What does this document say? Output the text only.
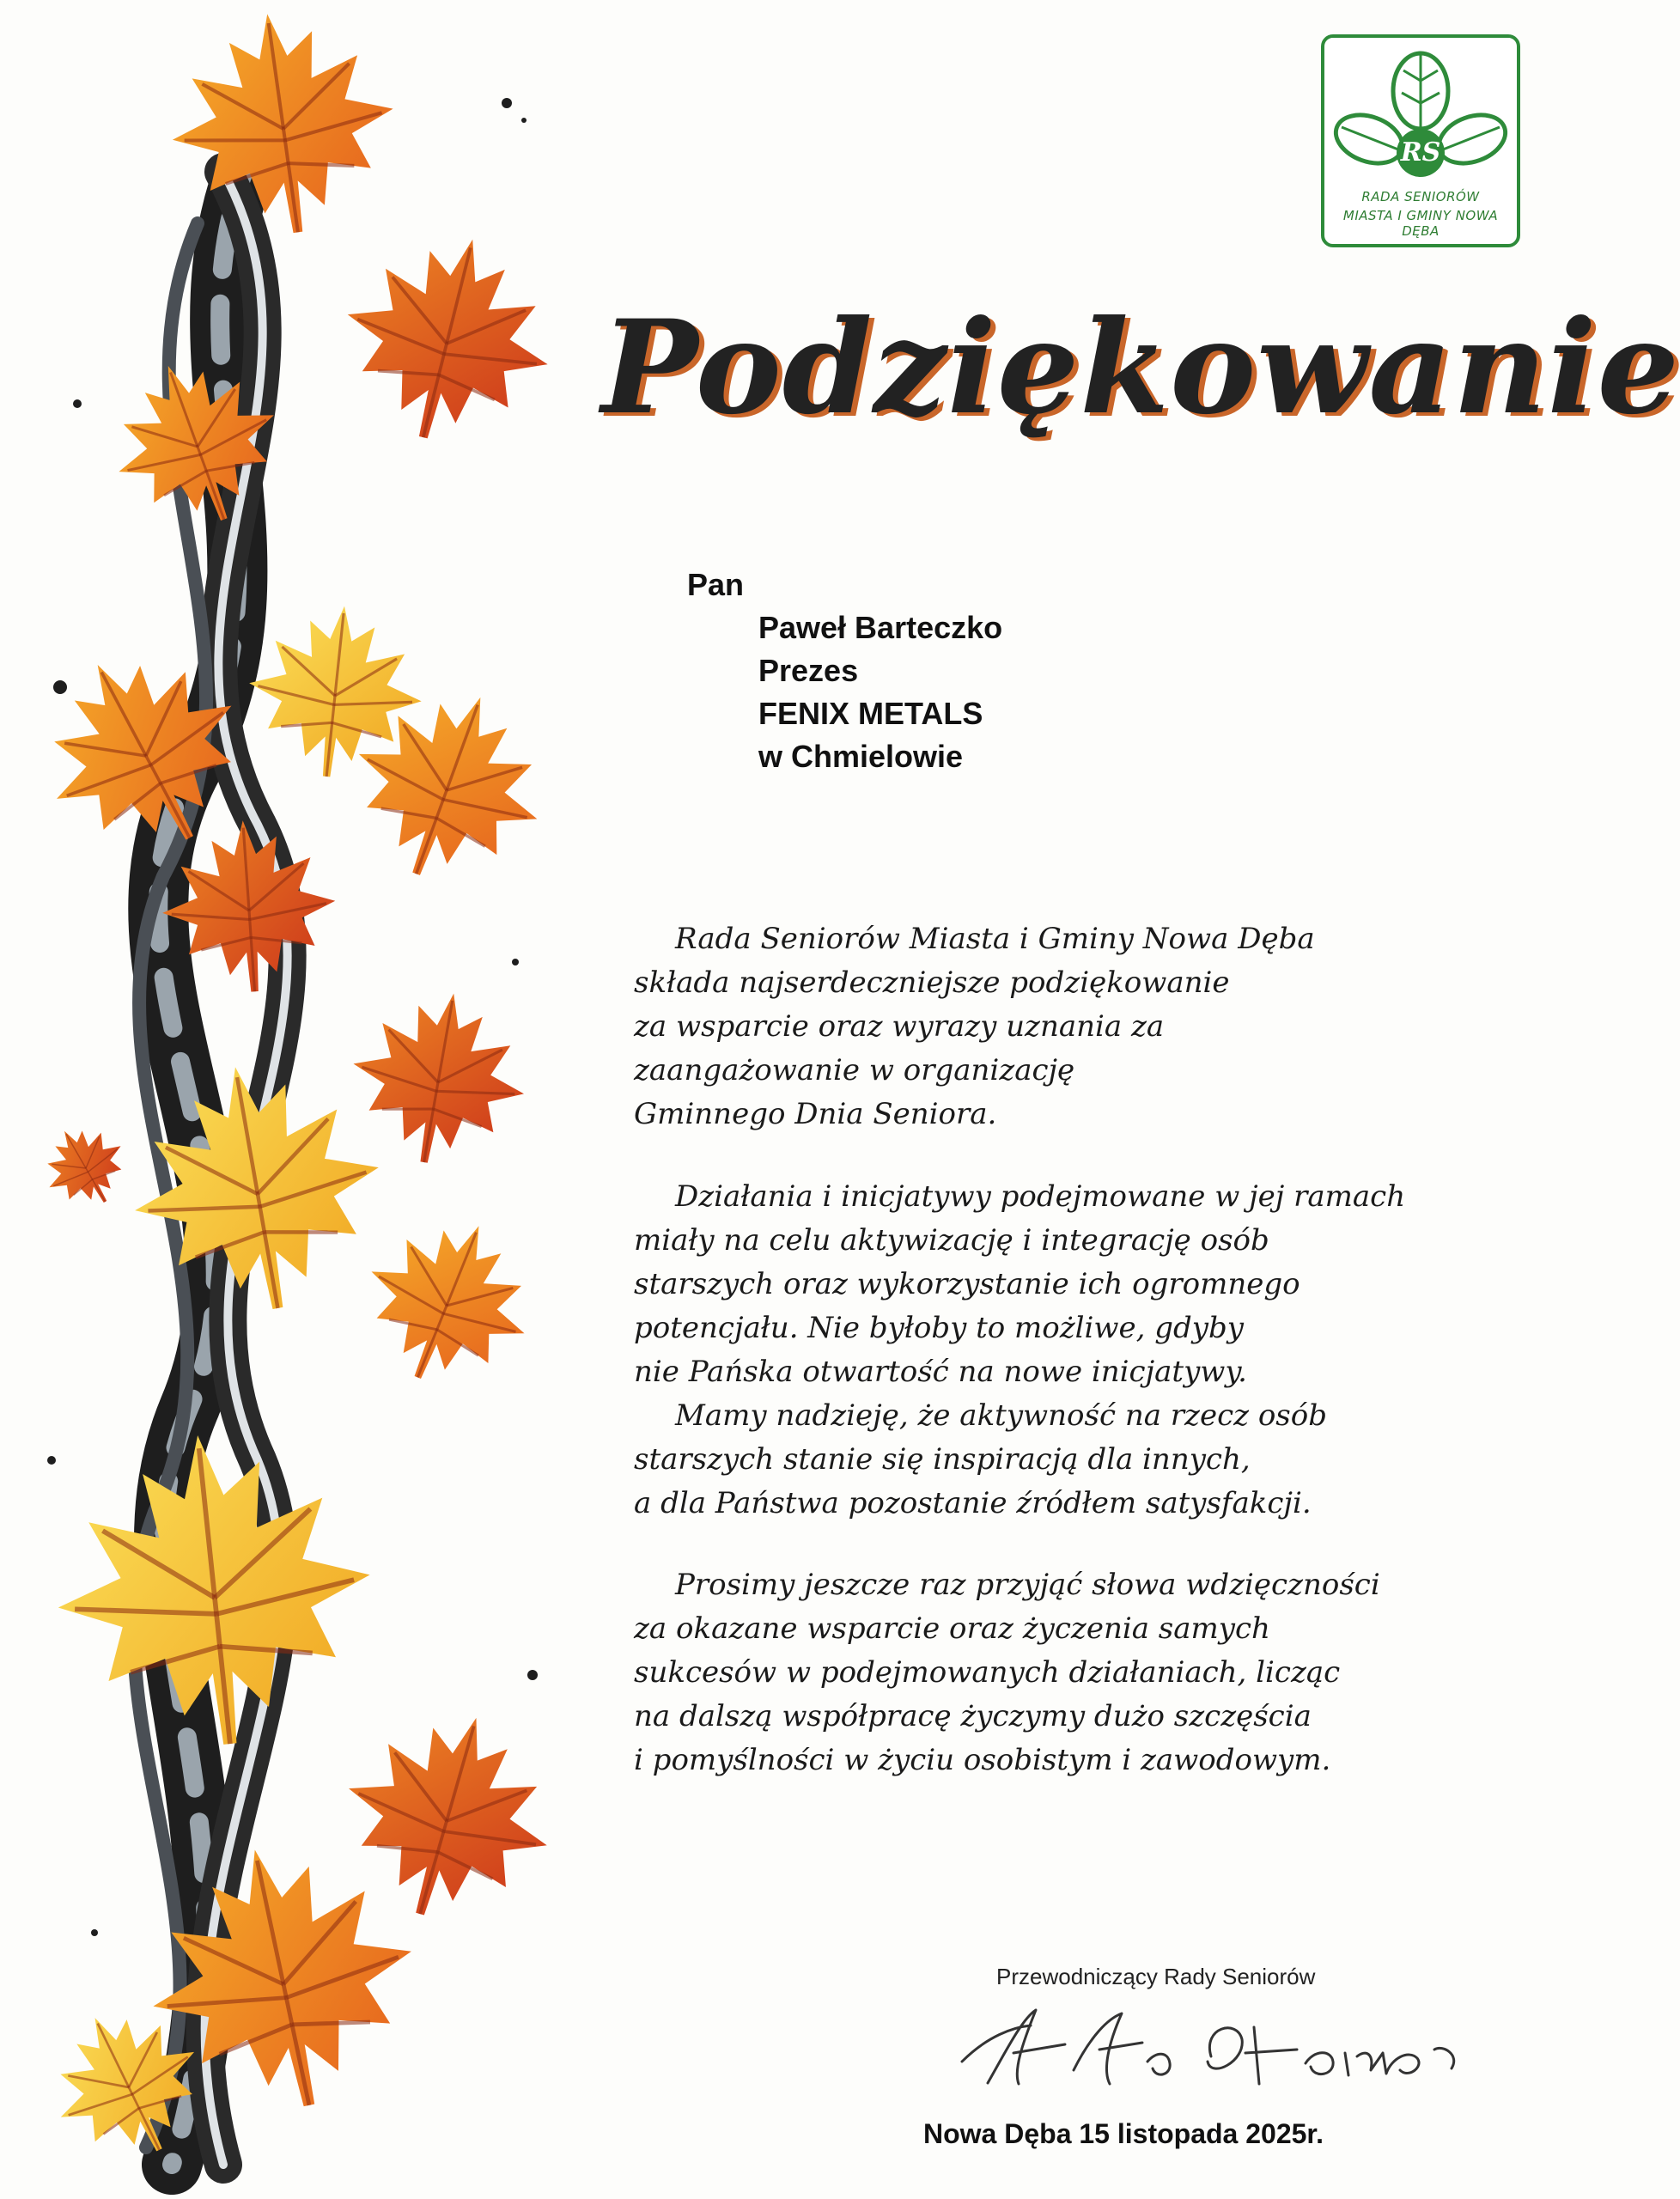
RS
RADA SENIORÓW
MIASTA I GMINY NOWA DĘBA
Podziękowanie
Pan
Paweł Barteczko
Prezes
FENIX METALS
w Chmielowie
Rada Seniorów Miasta i Gminy Nowa Dęba
składa najserdeczniejsze podziękowanie
za wsparcie oraz wyrazy uznania za
zaangażowanie w organizację
Gminnego Dnia Seniora.
Działania i inicjatywy podejmowane w jej ramach
miały na celu aktywizację i integrację osób
starszych oraz wykorzystanie ich ogromnego
potencjału. Nie byłoby to możliwe, gdyby
nie Pańska otwartość na nowe inicjatywy.
Mamy nadzieję, że aktywność na rzecz osób
starszych stanie się inspiracją dla innych,
a dla Państwa pozostanie źródłem satysfakcji.
Prosimy jeszcze raz przyjąć słowa wdzięczności
za okazane wsparcie oraz życzenia samych
sukcesów w podejmowanych działaniach, licząc
na dalszą współpracę życzymy dużo szczęścia
i pomyślności w życiu osobistym i zawodowym.
Przewodniczący Rady Seniorów
Nowa Dęba 15 listopada 2025r.
